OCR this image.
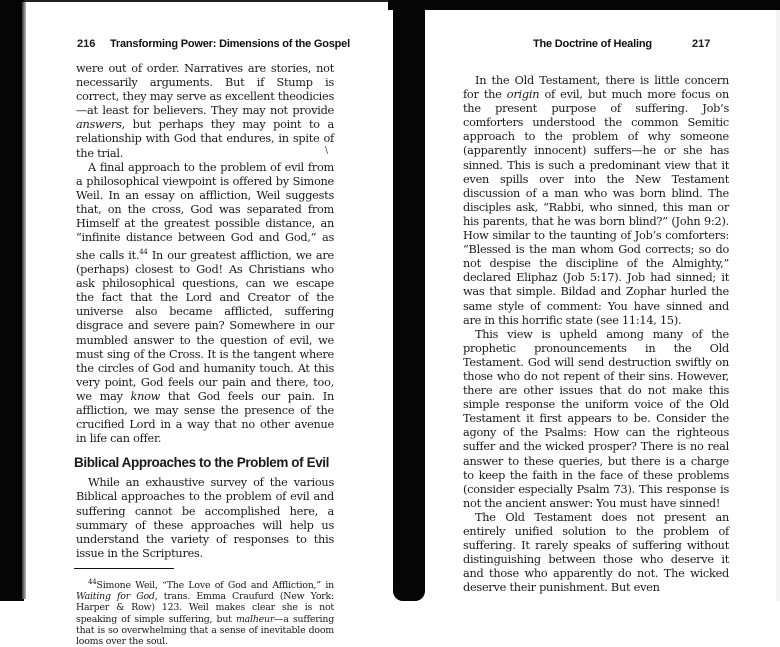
216 Transforming Power: Dimensions of the Gospel
\

were out of order. Narratives are stories, not necessarily arguments. But if Stump is correct, they may serve as excellent theodicies—at least for believers. They may not provide answers, but perhaps they may point to a relationship with God that endures, in spite of the trial.

A final approach to the problem of evil from a philosophical viewpoint is offered by Simone Weil. In an essay on affliction, Weil suggests that, on the cross, God was separated from Himself at the greatest possible distance, an “infinite distance between God and God,” as she calls it.$^{44}$ In our greatest affliction, we are (perhaps) closest to God! As Christians who ask philosophical questions, can we escape the fact that the Lord and Creator of the universe also became afflicted, suffering disgrace and severe pain? Somewhere in our mumbled answer to the question of evil, we must sing of the Cross. It is the tangent where the circles of God and humanity touch. At this very point, God feels our pain and there, too, we may know that God feels our pain. In affliction, we may sense the presence of the crucified Lord in a way that no other avenue in life can offer.

Biblical Approaches to the Problem of Evil

While an exhaustive survey of the various Biblical approaches to the problem of evil and suffering cannot be accomplished here, a summary of these approaches will help us understand the variety of responses to this issue in the Scriptures.

$^{44}$Simone Weil, “The Love of God and Affliction,” in Waiting for God, trans. Emma Craufurd (New York: Harper & Row) 123. Weil makes clear she is not speaking of simple suffering, but malheur—a suffering that is so overwhelming that a sense of inevitable doom looms over the soul.

The Doctrine of Healing	217

In the Old Testament, there is little concern for the origin of evil, but much more focus on the present purpose of suffering. Job’s comforters understood the common Semitic approach to the problem of why someone (apparently innocent) suffers—he or she has sinned. This is such a predominant view that it even spills over into the New Testament discussion of a man who was born blind. The disciples ask, “Rabbi, who sinned, this man or his parents, that he was born blind?” (John 9:2). How similar to the taunting of Job’s comforters: “Blessed is the man whom God corrects; so do not despise the discipline of the Almighty,” declared Eliphaz (Job 5:17). Job had sinned; it was that simple. Bildad and Zophar hurled the same style of comment: You have sinned and are in this horrific state (see 11:14, 15).

This view is upheld among many of the prophetic pronouncements in the Old Testament. God will send destruction swiftly on those who do not repent of their sins. However, there are other issues that do not make this simple response the uniform voice of the Old Testament it first appears to be. Consider the agony of the Psalms: How can the righteous suffer and the wicked prosper? There is no real answer to these queries, but there is a charge to keep the faith in the face of these problems (consider especially Psalm 73). This response is not the ancient answer: You must have sinned!

The Old Testament does not present an entirely unified solution to the problem of suffering. It rarely speaks of suffering without distinguishing between those who deserve it and those who apparently do not. The wicked deserve their punishment. But even
